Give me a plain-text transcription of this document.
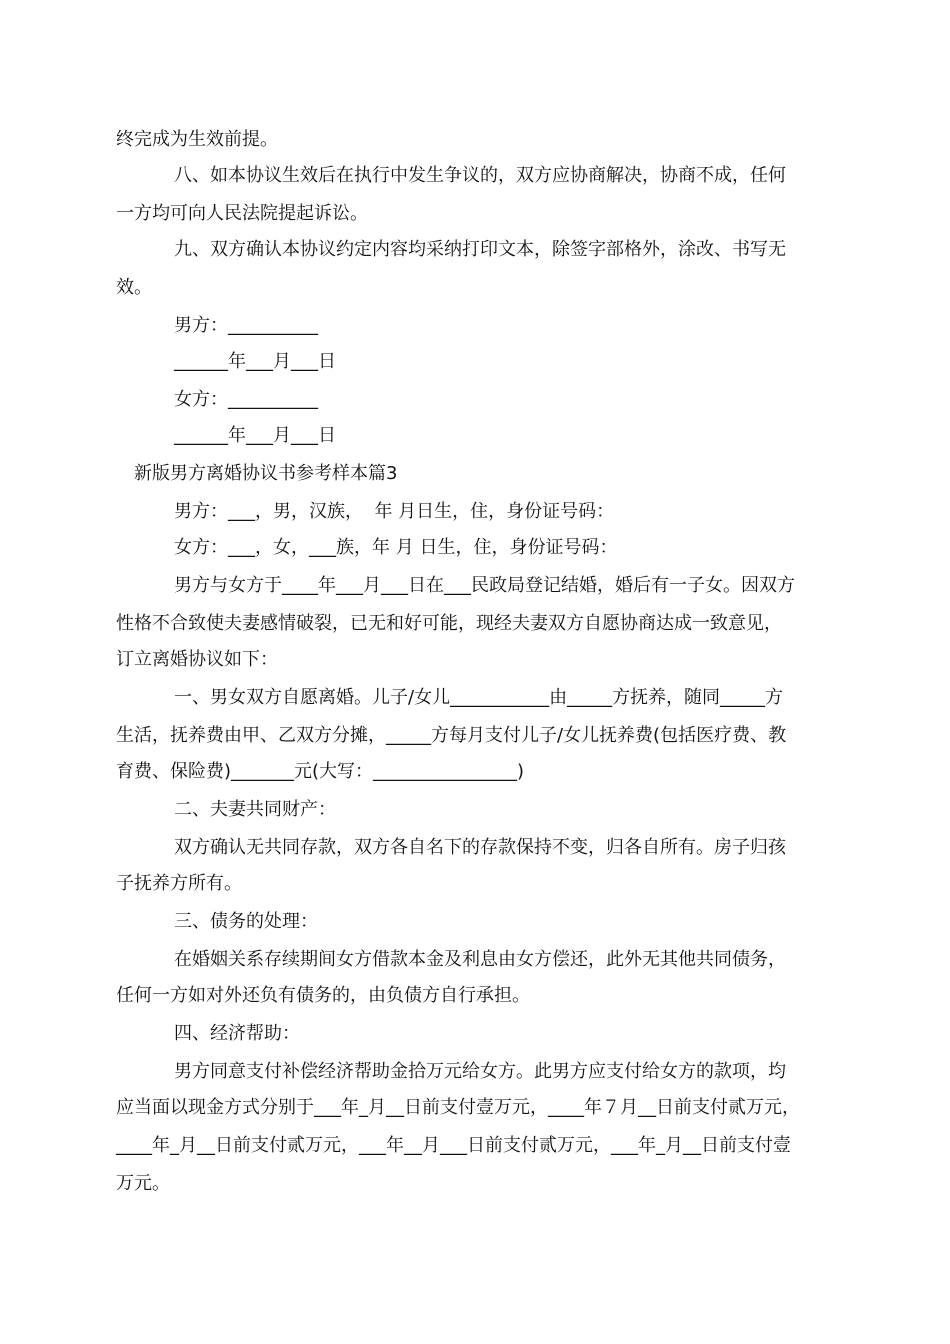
终完成为生效前提。
八、如本协议生效后在执行中发生争议的，双方应协商解决，协商不成，任何
一方均可向人民法院提起诉讼。
九、双方确认本协议约定内容均采纳打印文本，除签字部格外，涂改、书写无
效。
男方：__________
______年___月___日
女方：__________
______年___月___日
新版男方离婚协议书参考样本篇3
男方：___，男，汉族，  年 月日生，住，身份证号码：
女方：___，女，___族，年 月 日生，住，身份证号码：
男方与女方于____年___月___日在___民政局登记结婚，婚后有一子女。因双方
性格不合致使夫妻感情破裂，已无和好可能，现经夫妻双方自愿协商达成一致意见，
订立离婚协议如下：
一、男女双方自愿离婚。儿子/女儿___________由_____方抚养，随同_____方
生活，抚养费由甲、乙双方分摊，_____方每月支付儿子/女儿抚养费(包括医疗费、教
育费、保险费)_______元(大写：________________)
二、夫妻共同财产：
双方确认无共同存款，双方各自名下的存款保持不变，归各自所有。房子归孩
子抚养方所有。
三、债务的处理：
在婚姻关系存续期间女方借款本金及利息由女方偿还，此外无其他共同债务，
任何一方如对外还负有债务的，由负债方自行承担。
四、经济帮助：
男方同意支付补偿经济帮助金拾万元给女方。此男方应支付给女方的款项，均
应当面以现金方式分别于___年_月__日前支付壹万元，____年７月__日前支付贰万元，
____年_月__日前支付贰万元，___年__月___日前支付贰万元，___年_月__日前支付壹
万元。
